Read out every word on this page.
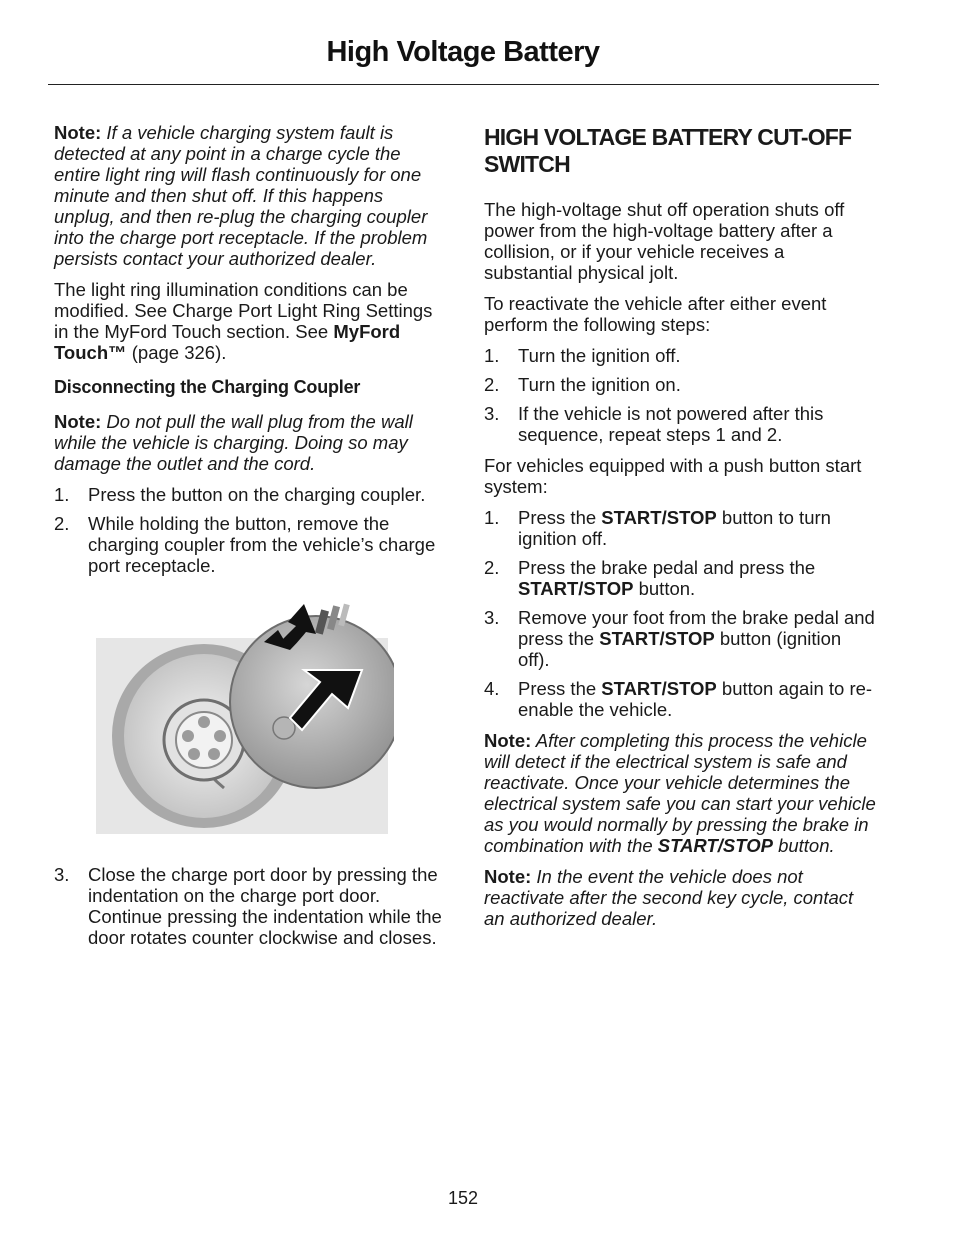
High Voltage Battery

Note: If a vehicle charging system fault is detected at any point in a charge cycle the entire light ring will flash continuously for one minute and then shut off. If this happens unplug, and then re-plug the charging coupler into the charge port receptacle. If the problem persists contact your authorized dealer.

The light ring illumination conditions can be modified. See Charge Port Light Ring Settings in the MyFord Touch section. See MyFord Touch™ (page 326).

Disconnecting the Charging Coupler

Note: Do not pull the wall plug from the wall while the vehicle is charging. Doing so may damage the outlet and the cord.

1. Press the button on the charging coupler.
2. While holding the button, remove the charging coupler from the vehicle’s charge port receptacle.
3. Close the charge port door by pressing the indentation on the charge port door. Continue pressing the indentation while the door rotates counter clockwise and closes.
HIGH VOLTAGE BATTERY CUT-OFF SWITCH

The high-voltage shut off operation shuts off power from the high-voltage battery after a collision, or if your vehicle receives a substantial physical jolt.

To reactivate the vehicle after either event perform the following steps:

1. Turn the ignition off.
2. Turn the ignition on.
3. If the vehicle is not powered after this sequence, repeat steps 1 and 2.

For vehicles equipped with a push button start system:

1. Press the START/STOP button to turn ignition off.
2. Press the brake pedal and press the START/STOP button.
3. Remove your foot from the brake pedal and press the START/STOP button (ignition off).
4. Press the START/STOP button again to re-enable the vehicle.

Note: After completing this process the vehicle will detect if the electrical system is safe and reactivate. Once your vehicle determines the electrical system safe you can start your vehicle as you would normally by pressing the brake in combination with the START/STOP button.

Note: In the event the vehicle does not reactivate after the second key cycle, contact an authorized dealer.

152
